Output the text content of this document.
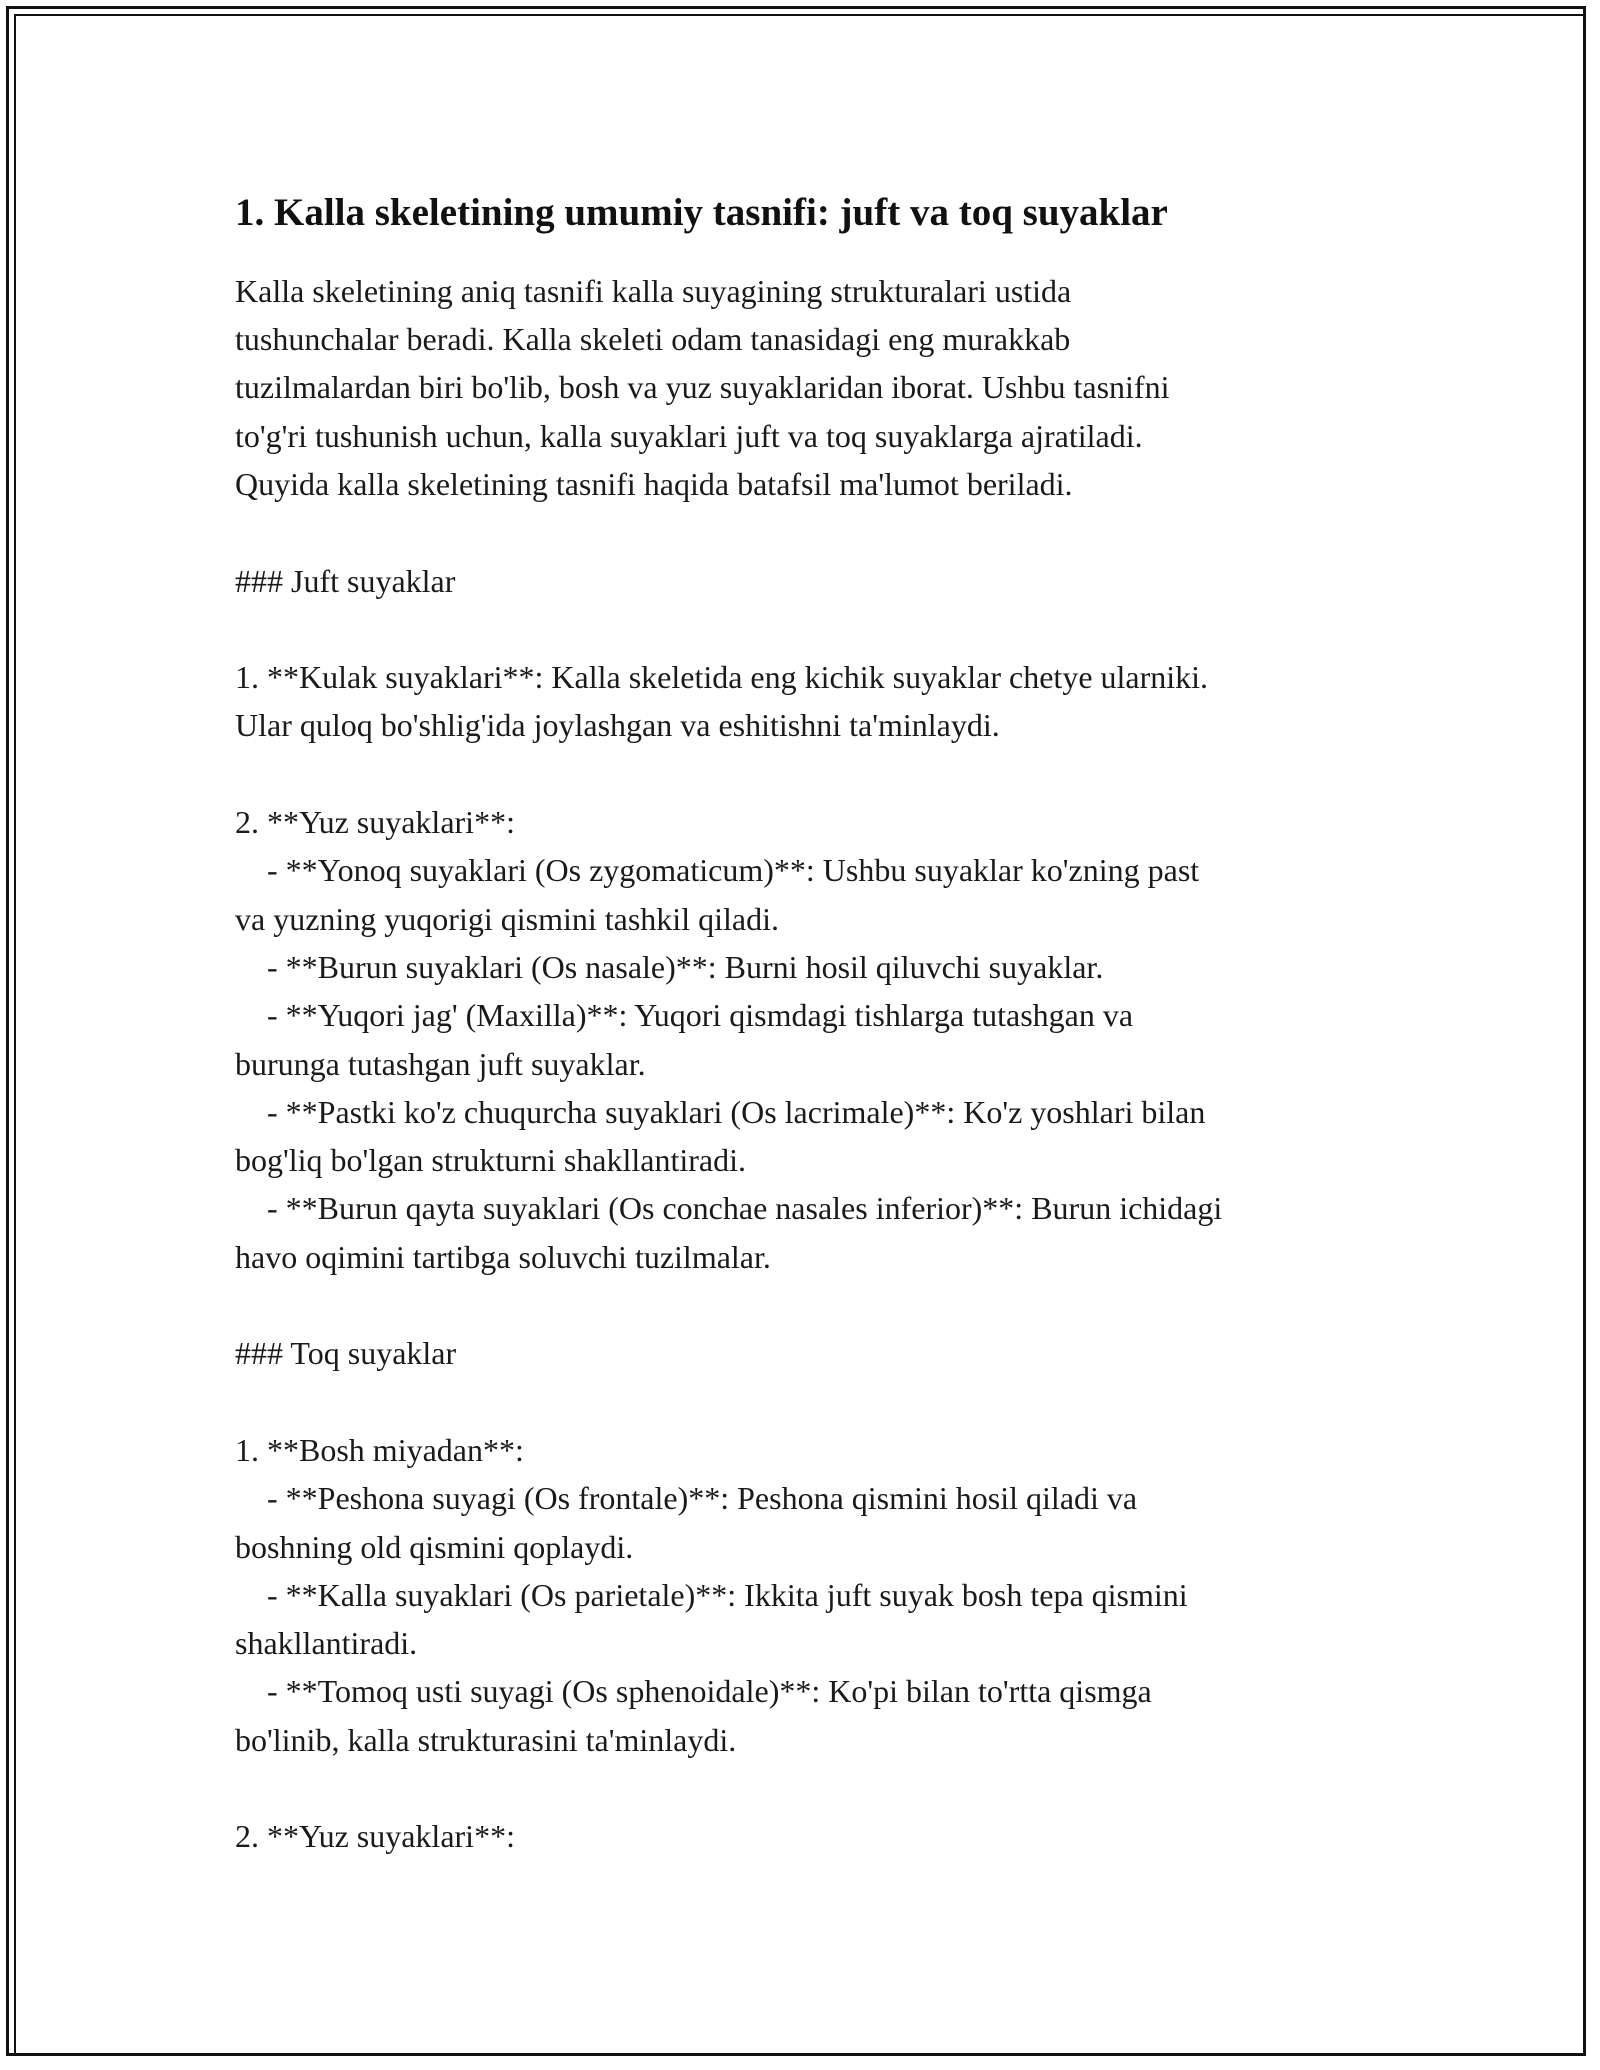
1. Kalla skeletining umumiy tasnifi: juft va toq suyaklar

Kalla skeletining aniq tasnifi kalla suyagining strukturalari ustida
tushunchalar beradi. Kalla skeleti odam tanasidagi eng murakkab
tuzilmalardan biri bo'lib, bosh va yuz suyaklaridan iborat. Ushbu tasnifni
to'g'ri tushunish uchun, kalla suyaklari juft va toq suyaklarga ajratiladi.
Quyida kalla skeletining tasnifi haqida batafsil ma'lumot beriladi.

### Juft suyaklar

1. **Kulak suyaklari**: Kalla skeletida eng kichik suyaklar chetye ularniki.
Ular quloq bo'shlig'ida joylashgan va eshitishni ta'minlaydi.

2. **Yuz suyaklari**:
- **Yonoq suyaklari (Os zygomaticum)**: Ushbu suyaklar ko'zning past
va yuzning yuqorigi qismini tashkil qiladi.
- **Burun suyaklari (Os nasale)**: Burni hosil qiluvchi suyaklar.
- **Yuqori jag' (Maxilla)**: Yuqori qismdagi tishlarga tutashgan va
burunga tutashgan juft suyaklar.
- **Pastki ko'z chuqurcha suyaklari (Os lacrimale)**: Ko'z yoshlari bilan
bog'liq bo'lgan strukturni shakllantiradi.
- **Burun qayta suyaklari (Os conchae nasales inferior)**: Burun ichidagi
havo oqimini tartibga soluvchi tuzilmalar.

### Toq suyaklar

1. **Bosh miyadan**:
- **Peshona suyagi (Os frontale)**: Peshona qismini hosil qiladi va
boshning old qismini qoplaydi.
- **Kalla suyaklari (Os parietale)**: Ikkita juft suyak bosh tepa qismini
shakllantiradi.
- **Tomoq usti suyagi (Os sphenoidale)**: Ko'pi bilan to'rtta qismga
bo'linib, kalla strukturasini ta'minlaydi.

2. **Yuz suyaklari**:
